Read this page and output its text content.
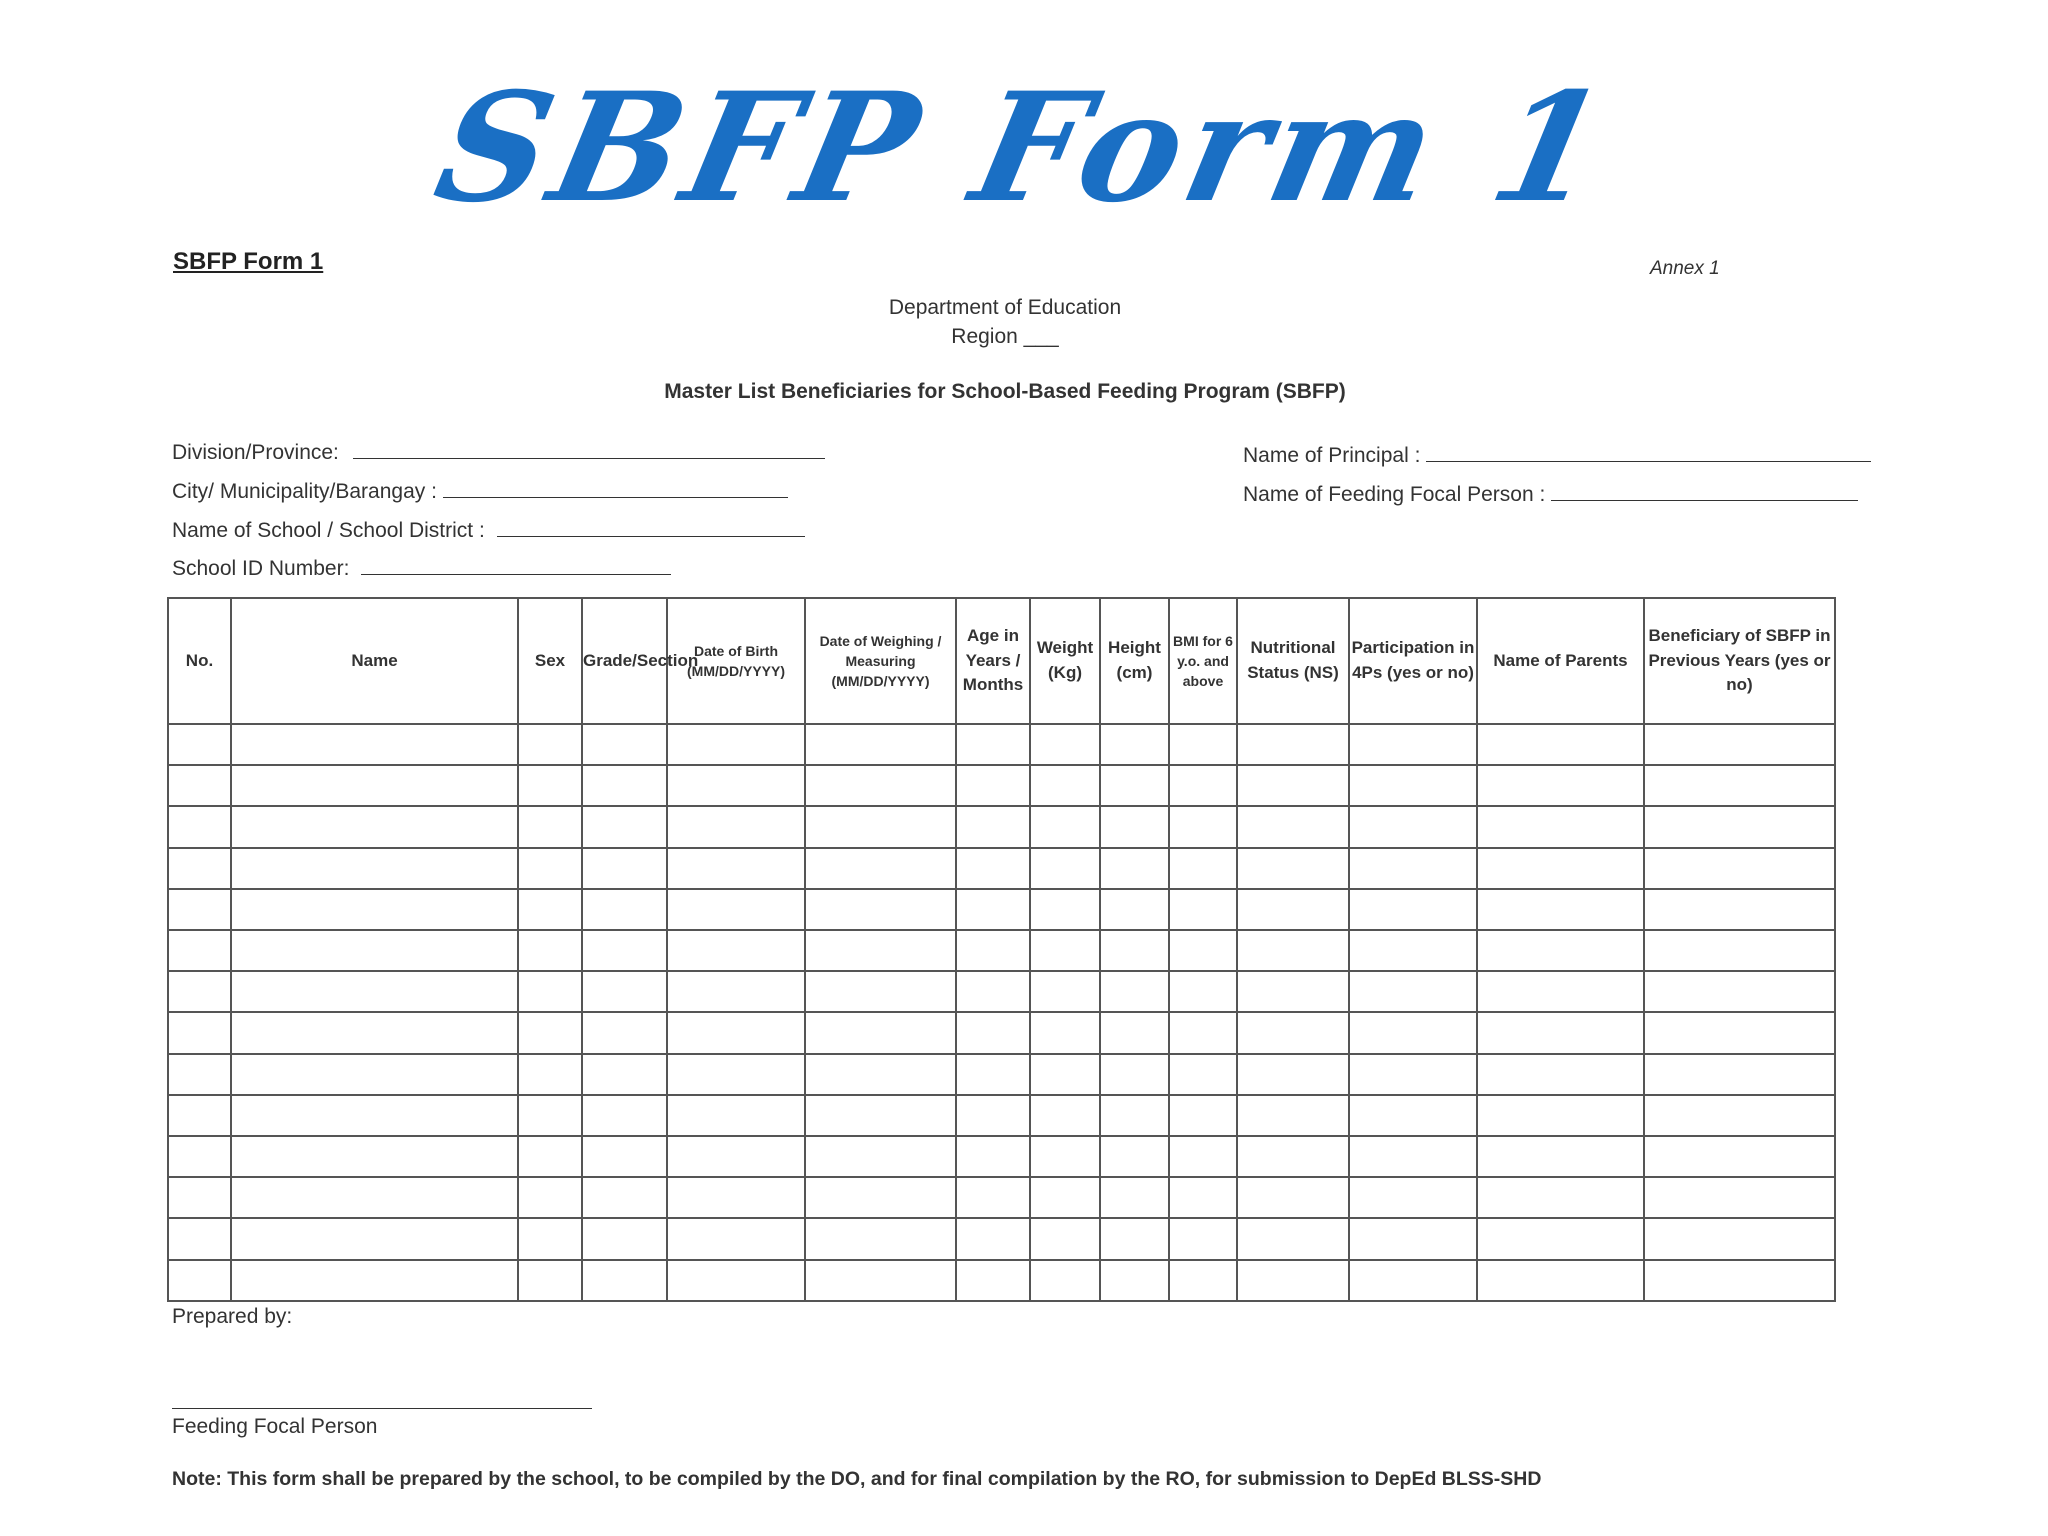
SBFP Form 1
SBFP Form 1	Annex 1
Department of Education
Region ___
Master List Beneficiaries for School-Based Feeding Program (SBFP)
Division/Province:
City/ Municipality/Barangay :
Name of School / School District :
School ID Number:
Name of Principal :
Name of Feeding Focal Person :
No.	Name	Sex	Grade/Section	Date of Birth (MM/DD/YYYY)	Date of Weighing / Measuring (MM/DD/YYYY)	Age in Years / Months	Weight (Kg)	Height (cm)	BMI for 6 y.o. and above	Nutritional Status (NS)	Participation in 4Ps (yes or no)	Name of Parents	Beneficiary of SBFP in Previous Years (yes or no)

Prepared by:
Feeding Focal Person
Note: This form shall be prepared by the school, to be compiled by the DO, and for final compilation by the RO, for submission to DepEd BLSS-SHD
